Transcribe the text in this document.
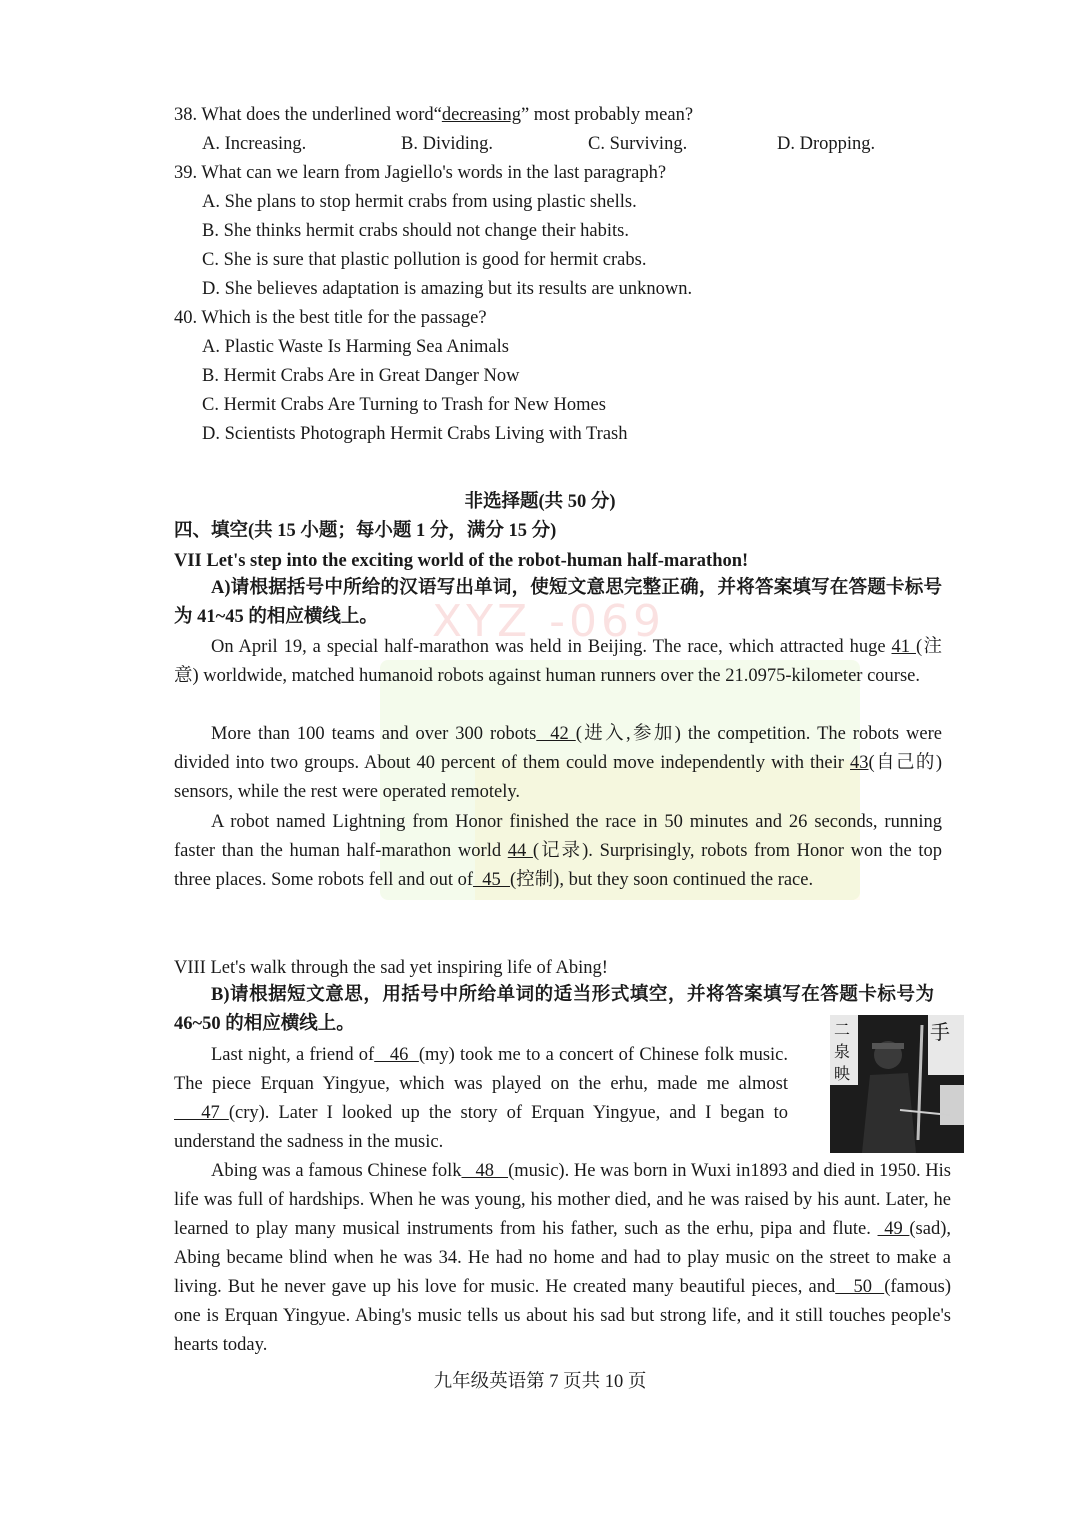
XYZ -069
38. What does the underlined word“decreasing” most probably mean?
A. Increasing.	B. Dividing.	C. Surviving.	D. Dropping.
39. What can we learn from Jagiello's words in the last paragraph?
A. She plans to stop hermit crabs from using plastic shells.
B. She thinks hermit crabs should not change their habits.
C. She is sure that plastic pollution is good for hermit crabs.
D. She believes adaptation is amazing but its results are unknown.
40. Which is the best title for the passage?
A. Plastic Waste Is Harming Sea Animals
B. Hermit Crabs Are in Great Danger Now
C. Hermit Crabs Are Turning to Trash for New Homes
D. Scientists Photograph Hermit Crabs Living with Trash
非选择题(共 50 分)
四、填空(共 15 小题；每小题 1 分，满分 15 分)
VII Let's step into the exciting world of the robot-human half-marathon!
A)请根据括号中所给的汉语写出单词，使短文意思完整正确，并将答案填写在答题卡标号为 41~45 的相应横线上。
On April 19, a special half-marathon was held in Beijing. The race, which attracted huge 41 (注意) worldwide, matched humanoid robots against human runners over the 21.0975-kilometer course.
More than 100 teams and over 300 robots  42 (进入,参加) the competition. The robots were divided into two groups. About 40 percent of them could move independently with their 43(自己的) sensors, while the rest were operated remotely.
A robot named Lightning from Honor finished the race in 50 minutes and 26 seconds, running faster than the human half-marathon world 44 (记录). Surprisingly, robots from Honor won the top three places. Some robots fell and out of  45  (控制), but they soon continued the race.
VIII Let's walk through the sad yet inspiring life of Abing!
B)请根据短文意思，用括号中所给单词的适当形式填空，并将答案填写在答题卡标号为 46~50 的相应横线上。	二
泉
映
手
Last night, a friend of   46  (my) took me to a concert of Chinese folk music. The piece Erquan Yingyue, which was played on the erhu, made me almost   47 (cry). Later I looked up the story of Erquan Yingyue, and I began to understand the sadness in the music.
Abing was a famous Chinese folk   48   (music). He was born in Wuxi in1893 and died in 1950. His life was full of hardships. When he was young, his mother died, and he was raised by his aunt. Later, he learned to play many musical instruments from his father, such as the erhu, pipa and flute.  49 (sad), Abing became blind when he was 34. He had no home and had to play music on the street to make a living. But he never gave up his love for music. He created many beautiful pieces, and   50  (famous) one is Erquan Yingyue. Abing's music tells us about his sad but strong life, and it still touches people's hearts today.
九年级英语第 7 页共 10 页
